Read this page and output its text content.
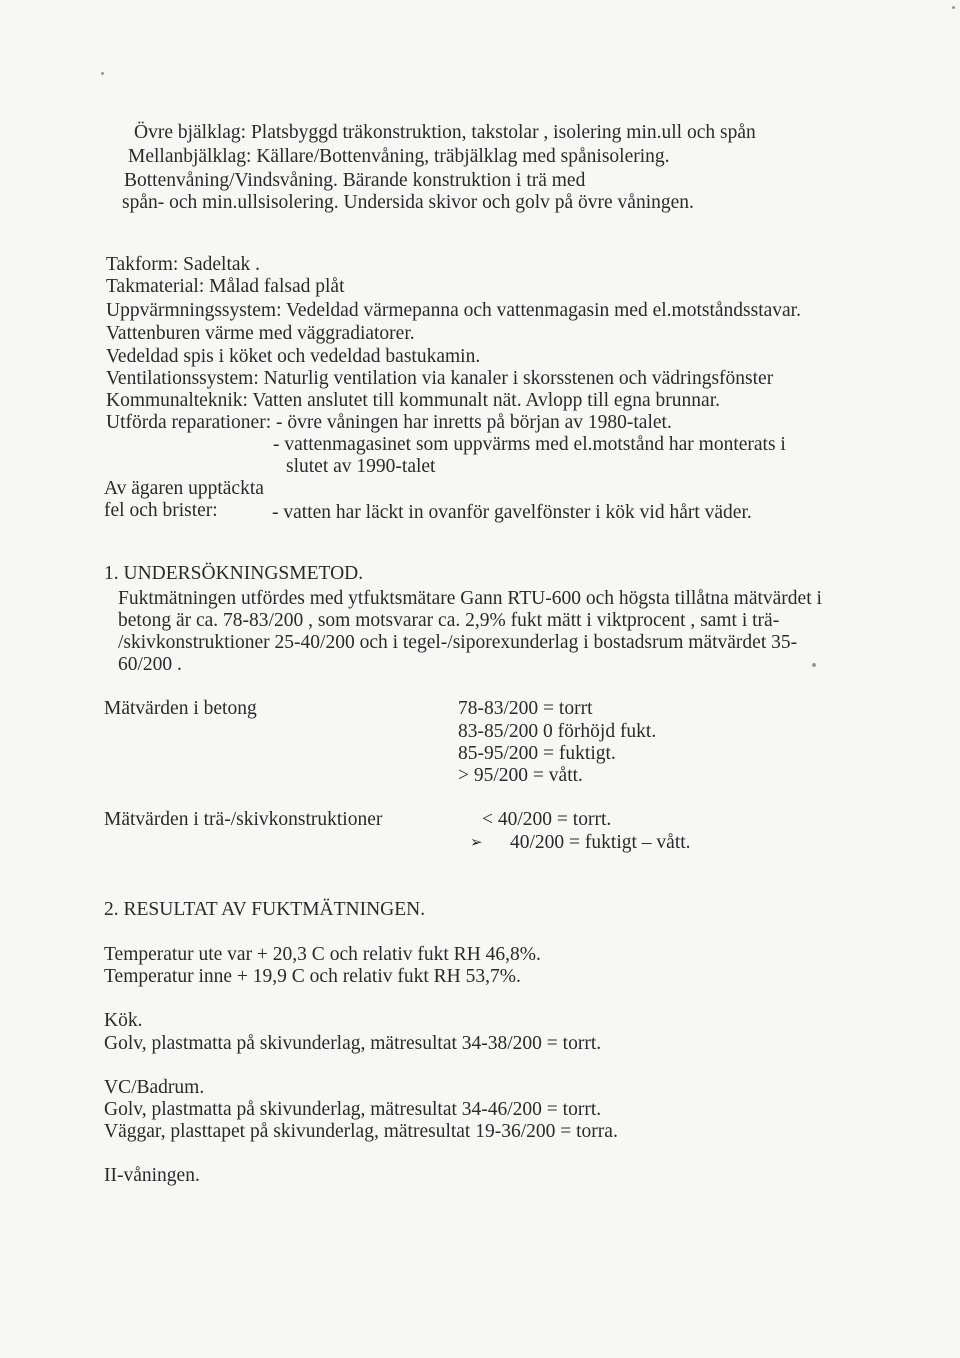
Övre bjälklag: Platsbyggd träkonstruktion, takstolar , isolering min.ull och spån
Mellanbjälklag: Källare/Bottenvåning, träbjälklag med spånisolering.
Bottenvåning/Vindsvåning. Bärande konstruktion i trä med
spån- och min.ullsisolering. Undersida skivor och golv på övre våningen.
Takform: Sadeltak .
Takmaterial: Målad falsad plåt
Uppvärmningssystem: Vedeldad värmepanna och vattenmagasin med el.motståndsstavar.
Vattenburen värme med väggradiatorer.
Vedeldad spis i köket och vedeldad bastukamin.
Ventilationssystem: Naturlig ventilation via kanaler i skorsstenen och vädringsfönster
Kommunalteknik: Vatten anslutet till kommunalt nät. Avlopp till egna brunnar.
Utförda reparationer: - övre våningen har inretts på början av 1980-talet.
- vattenmagasinet som uppvärms med el.motstånd har monterats i
slutet av 1990-talet
Av ägaren upptäckta
fel och brister:	- vatten har läckt in ovanför gavelfönster i kök vid hårt väder.
1. UNDERSÖKNINGSMETOD.
Fuktmätningen utfördes med ytfuktsmätare Gann RTU-600 och högsta tillåtna mätvärdet i
betong är ca. 78-83/200 , som motsvarar ca. 2,9% fukt mätt i viktprocent , samt i trä-
/skivkonstruktioner 25-40/200 och i tegel-/siporexunderlag i bostadsrum mätvärdet 35-
60/200 .
Mätvärden i betong	78-83/200 = torrt
83-85/200 0 förhöjd fukt.
85-95/200 = fuktigt.
> 95/200 = vått.
Mätvärden i trä-/skivkonstruktioner	< 40/200 = torrt.
➢ 40/200 = fuktigt – vått.
2. RESULTAT AV FUKTMÄTNINGEN.
Temperatur ute var + 20,3 C och relativ fukt RH 46,8%.
Temperatur inne + 19,9 C och relativ fukt RH 53,7%.
Kök.
Golv, plastmatta på skivunderlag, mätresultat 34-38/200 = torrt.
VC/Badrum.
Golv, plastmatta på skivunderlag, mätresultat 34-46/200 = torrt.
Väggar, plasttapet på skivunderlag, mätresultat 19-36/200 = torra.
II-våningen.
